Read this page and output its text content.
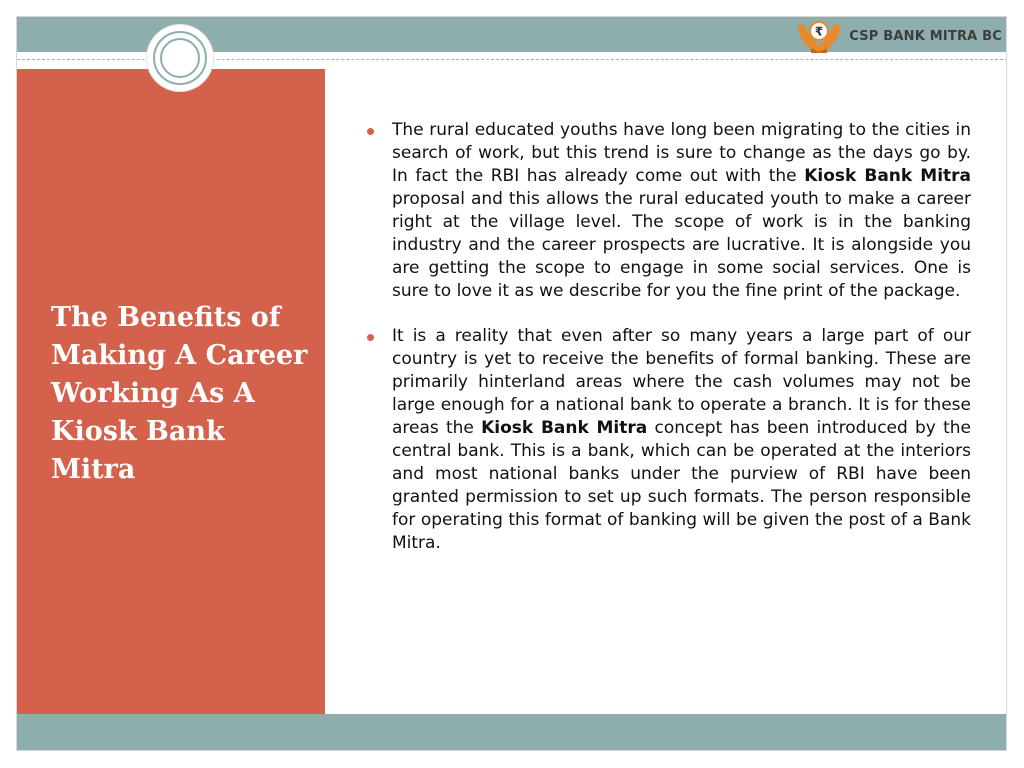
₹ CSP BANK MITRA BC
The Benefits of Making A Career Working As A Kiosk Bank Mitra

The rural educated youths have long been migrating to the cities in search of work, but this trend is sure to change as the days go by. In fact the RBI has already come out with the Kiosk Bank Mitra proposal and this allows the rural educated youth to make a career right at the village level. The scope of work is in the banking industry and the career prospects are lucrative. It is alongside you are getting the scope to engage in some social services. One is sure to love it as we describe for you the fine print of the package.

It is a reality that even after so many years a large part of our country is yet to receive the benefits of formal banking. These are primarily hinterland areas where the cash volumes may not be large enough for a national bank to operate a branch. It is for these areas the Kiosk Bank Mitra concept has been introduced by the central bank. This is a bank, which can be operated at the interiors and most national banks under the purview of RBI have been granted permission to set up such formats. The person responsible for operating this format of banking will be given the post of a Bank Mitra.
